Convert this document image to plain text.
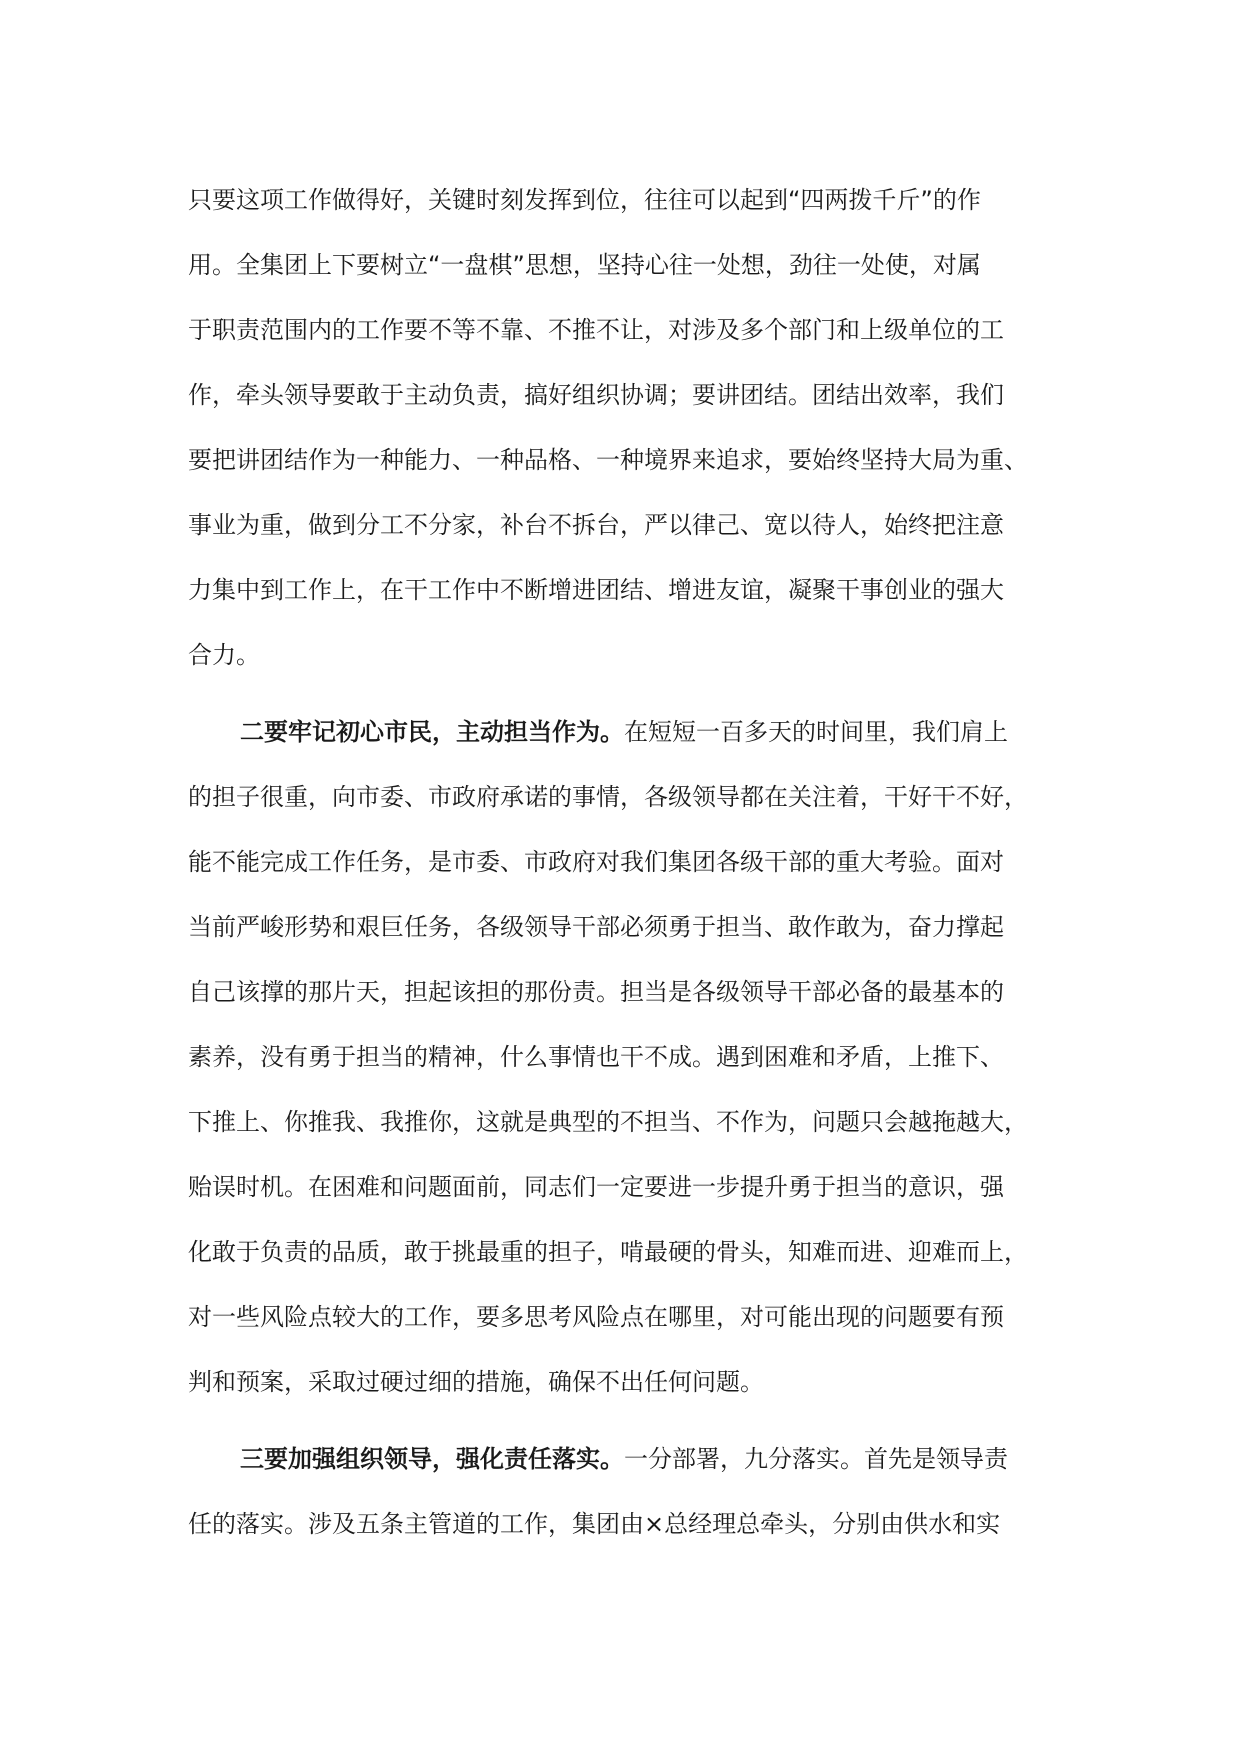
只要这项工作做得好，关键时刻发挥到位，往往可以起到“四两拨千斤”的作
用。全集团上下要树立“一盘棋”思想，坚持心往一处想，劲往一处使，对属
于职责范围内的工作要不等不靠、不推不让，对涉及多个部门和上级单位的工
作，牵头领导要敢于主动负责，搞好组织协调；要讲团结。团结出效率，我们
要把讲团结作为一种能力、一种品格、一种境界来追求，要始终坚持大局为重、
事业为重，做到分工不分家，补台不拆台，严以律己、宽以待人，始终把注意
力集中到工作上，在干工作中不断增进团结、增进友谊，凝聚干事创业的强大
合力。
二要牢记初心市民，主动担当作为。在短短一百多天的时间里，我们肩上
的担子很重，向市委、市政府承诺的事情，各级领导都在关注着，干好干不好，
能不能完成工作任务，是市委、市政府对我们集团各级干部的重大考验。面对
当前严峻形势和艰巨任务，各级领导干部必须勇于担当、敢作敢为，奋力撑起
自己该撑的那片天，担起该担的那份责。担当是各级领导干部必备的最基本的
素养，没有勇于担当的精神，什么事情也干不成。遇到困难和矛盾，上推下、
下推上、你推我、我推你，这就是典型的不担当、不作为，问题只会越拖越大，
贻误时机。在困难和问题面前，同志们一定要进一步提升勇于担当的意识，强
化敢于负责的品质，敢于挑最重的担子，啃最硬的骨头，知难而进、迎难而上，
对一些风险点较大的工作，要多思考风险点在哪里，对可能出现的问题要有预
判和预案，采取过硬过细的措施，确保不出任何问题。
三要加强组织领导，强化责任落实。一分部署，九分落实。首先是领导责
任的落实。涉及五条主管道的工作，集团由×总经理总牵头，分别由供水和实
